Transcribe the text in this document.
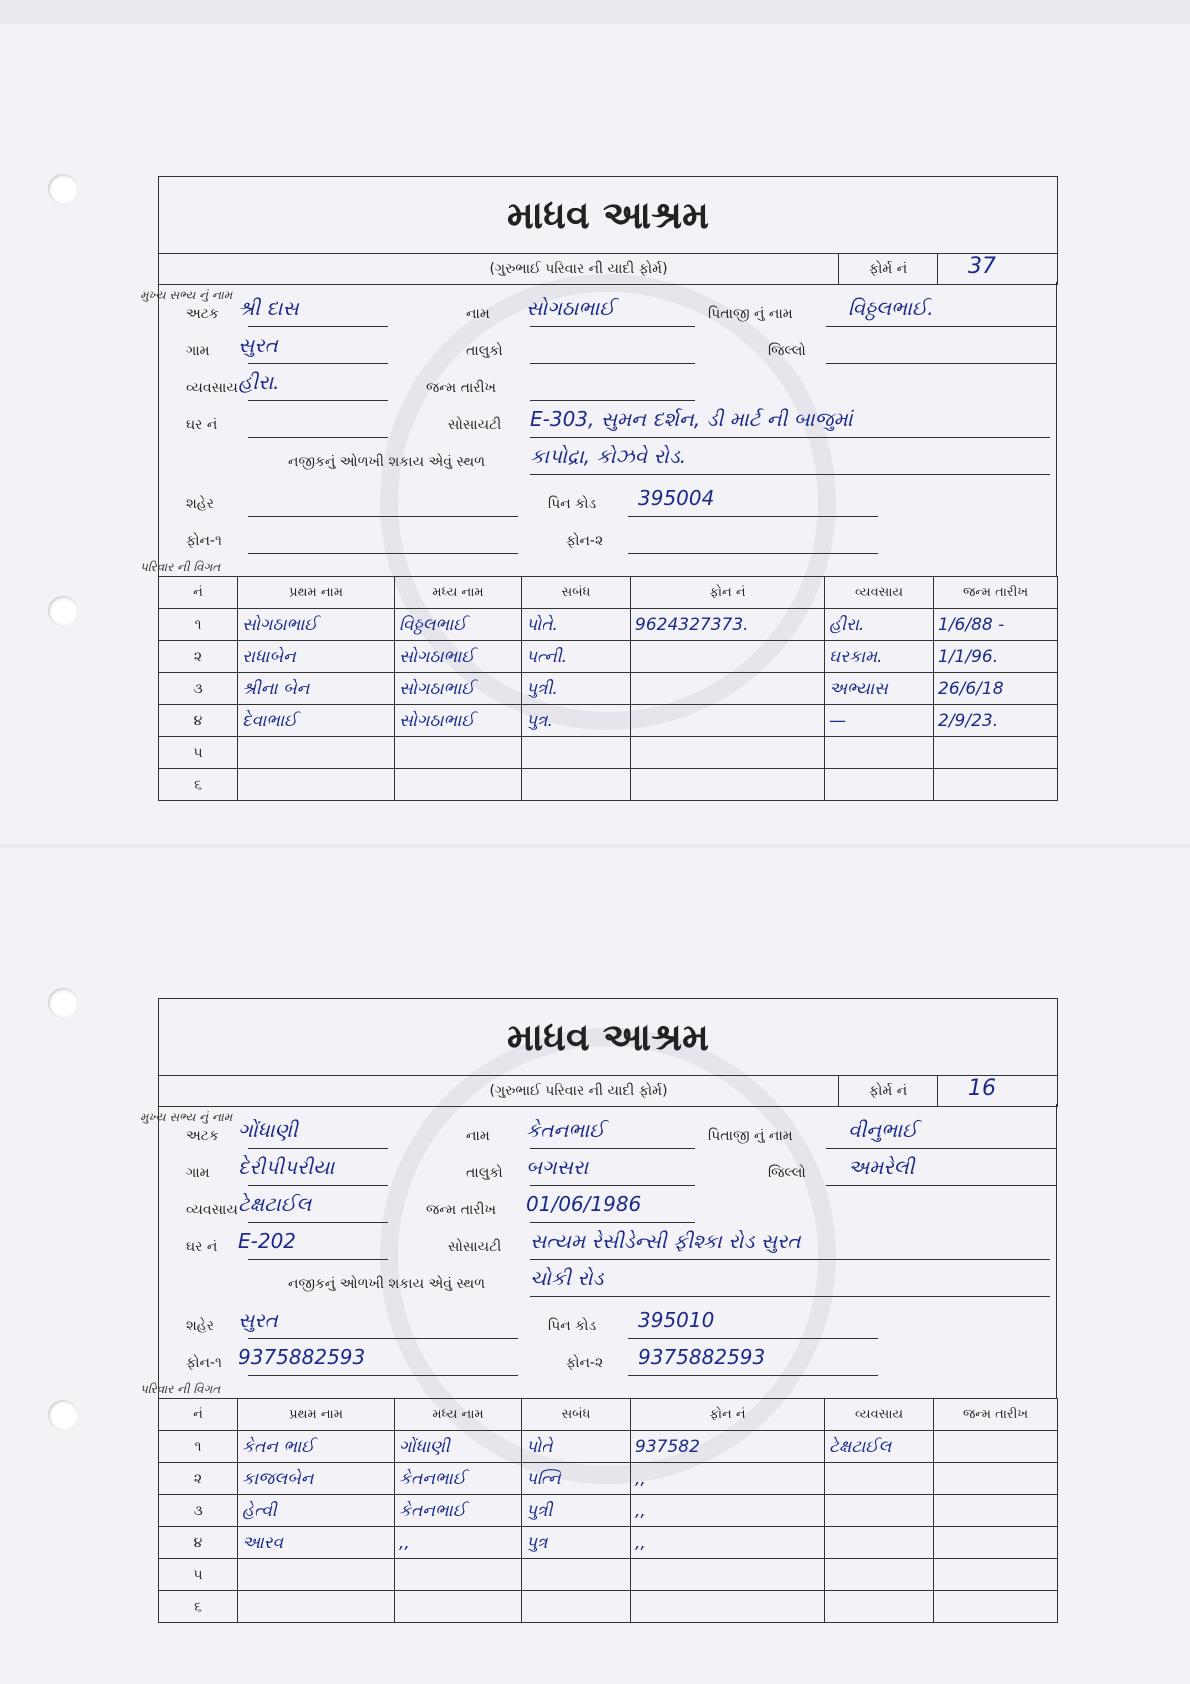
માધવ આશ્રમ
(ગુરુભાઈ પરિવાર ની યાદી ફોર્મ)	ફોર્મ નં	37
મુખ્ય સભ્ય નું નામ
અટક શ્રી દાસ	નામ સોગઠાભાઈ	પિતાજી નું નામ	વિઠ્ઠલભાઈ.
ગામ સુરત	તાલુકો	જિલ્લો
વ્યવસાય હીરા.	જન્મ તારીખ
ઘર નં	સોસાયટી E-303, સુમન દર્શન, ડી માર્ટ ની બાજુમાં
નજીકનું ઓળખી શકાય એવું સ્થળ કાપોદ્રા, કોઝવે રોડ.
શહેર	પિન કોડ 395004
ફોન-૧	ફોન-૨
પરિવાર ની વિગત
નં	પ્રથમ નામ	મધ્ય નામ	સબંધ	ફોન નં	વ્યવસાય	જન્મ તારીખ
૧	સોગઠાભાઈ	વિઠ્ઠલભાઈ	પોતે.	9624327373.	હીરા.	1/6/88 -
૨	રાધાબેન	સોગઠાભાઈ	પત્ની.		ઘરકામ.	1/1/96.
૩	શ્રીના બેન	સોગઠાભાઈ	પુત્રી.		અભ્યાસ	26/6/18
૪	દેવાભાઈ	સોગઠાભાઈ	પુત્ર.		—	2/9/23.
૫						
૬						
માધવ આશ્રમ
(ગુરુભાઈ પરિવાર ની યાદી ફોર્મ)	ફોર્મ નં	16
મુખ્ય સભ્ય નું નામ
અટક ગોંધાણી	નામ કેતનભાઈ	પિતાજી નું નામ	વીનુભાઈ
ગામ દેરીપીપરીયા	તાલુકો બગસરા	જિલ્લો અમરેલી
વ્યવસાય ટેક્ષટાઈલ	જન્મ તારીખ 01/06/1986
ઘર નં E-202	સોસાયટી સત્યમ રેસીડેન્સી ફીશ્કા રોડ સુરત
નજીકનું ઓળખી શકાય એવું સ્થળ ચોકી રોડ
શહેર સુરત	પિન કોડ 395010
ફોન-૧ 9375882593	ફોન-૨ 9375882593
પરિવાર ની વિગત
નં	પ્રથમ નામ	મધ્ય નામ	સબંધ	ફોન નં	વ્યવસાય	જન્મ તારીખ
૧	કેતન ભાઈ	ગોંધાણી	પોતે	937582	ટેક્ષટાઈલ	
૨	કાજલબેન	કેતનભાઈ	પત્નિ	,,		
૩	હેત્વી	કેતનભાઈ	પુત્રી	,,		
૪	આરવ	,,	પુત્ર	,,		
૫						
૬						
